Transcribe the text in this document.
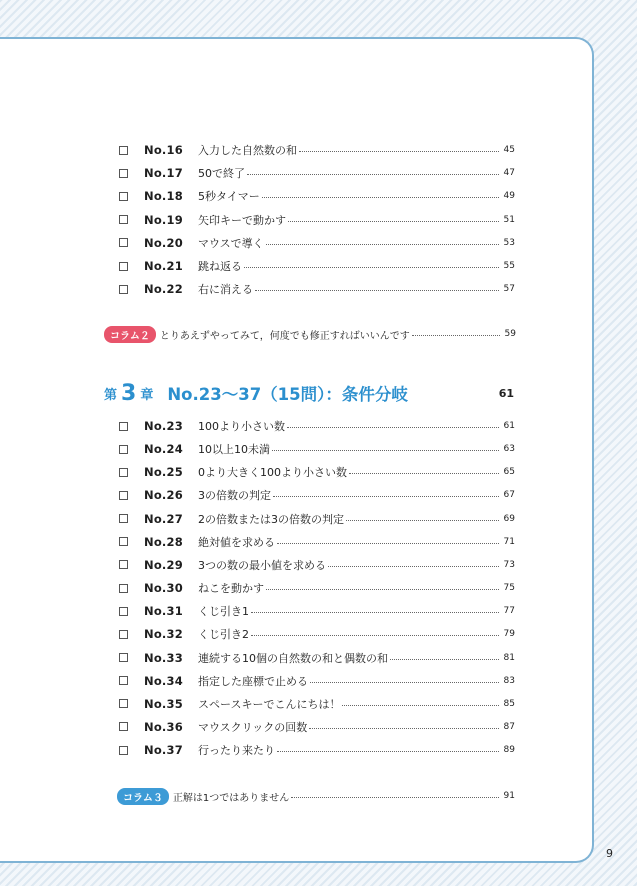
No.16	入力した自然数の和	45
No.17	50で終了	47
No.18	5秒タイマー	49
No.19	矢印キーで動かす	51
No.20	マウスで導く	53
No.21	跳ね返る	55
No.22	右に消える	57
コラム２	とりあえずやってみて，何度でも修正すればいいんです	59
第 3 章 No.23～37（15問）：条件分岐	61
No.23	100より小さい数	61
No.24	10以上10未満	63
No.25	0より大きく100より小さい数	65
No.26	3の倍数の判定	67
No.27	2の倍数または3の倍数の判定	69
No.28	絶対値を求める	71
No.29	3つの数の最小値を求める	73
No.30	ねこを動かす	75
No.31	くじ引き1	77
No.32	くじ引き2	79
No.33	連続する10個の自然数の和と偶数の和	81
No.34	指定した座標で止める	83
No.35	スペースキーでこんにちは！	85
No.36	マウスクリックの回数	87
No.37	行ったり来たり	89
コラム３	正解は1つではありません	91
9
